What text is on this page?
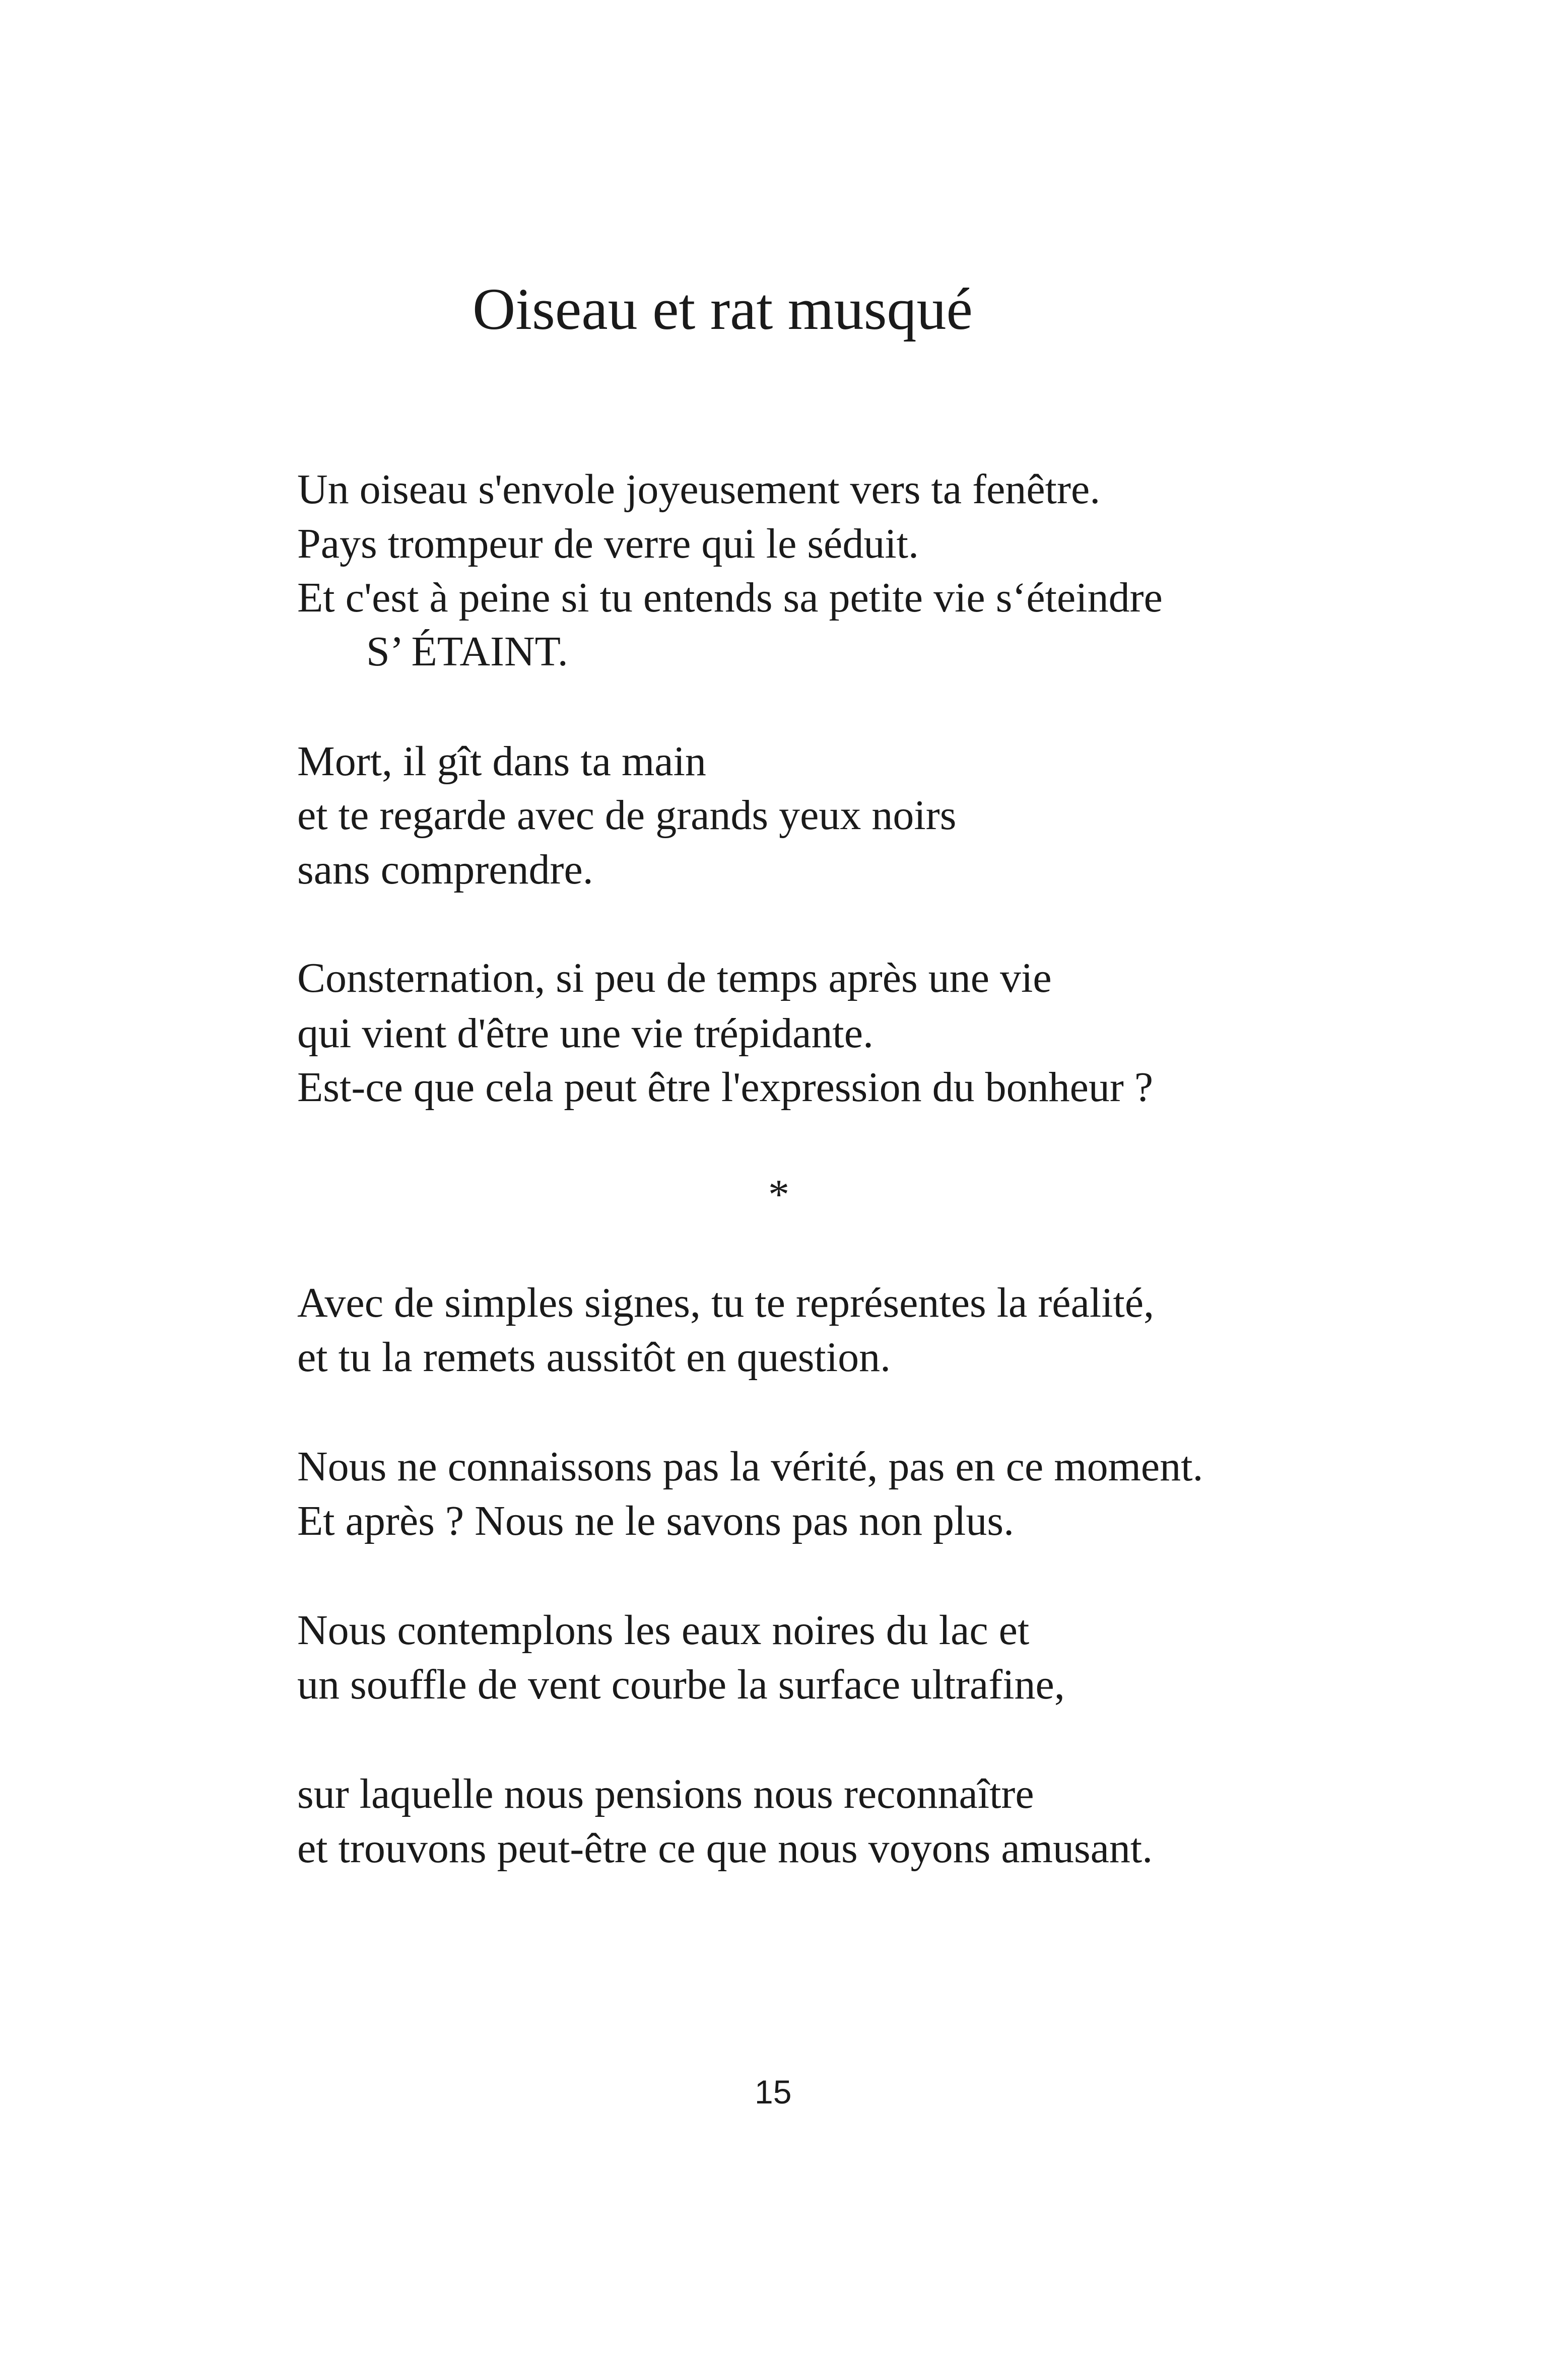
Oiseau et rat musqué
Un oiseau s'envole joyeusement vers ta fenêtre.
Pays trompeur de verre qui le séduit.
Et c'est à peine si tu entends sa petite vie s‘éteindre
S’ ÉTAINT.
Mort, il gît dans ta main
et te regarde avec de grands yeux noirs
sans comprendre.
Consternation, si peu de temps après une vie
qui vient d'être une vie trépidante.
Est-ce que cela peut être l'expression du bonheur ?
*
Avec de simples signes, tu te représentes la réalité,
et tu la remets aussitôt en question.
Nous ne connaissons pas la vérité, pas en ce moment.
Et après ? Nous ne le savons pas non plus.
Nous contemplons les eaux noires du lac et
un souffle de vent courbe la surface ultrafine,
sur laquelle nous pensions nous reconnaître
et trouvons peut-être ce que nous voyons amusant.
15
